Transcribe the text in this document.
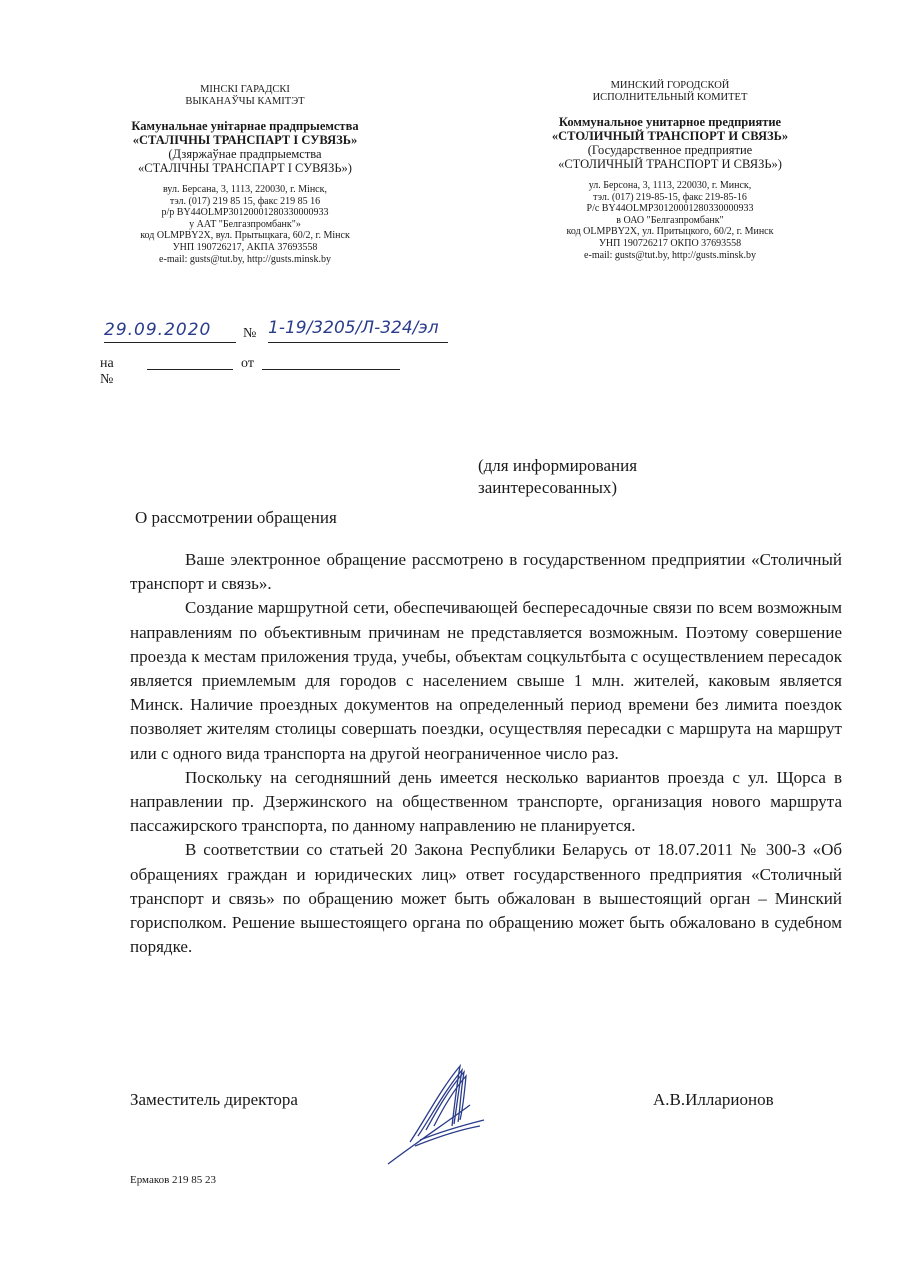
МІНСКІ ГАРАДСКІ
ВЫКАНАЎЧЫ КАМІТЭТ
Камунальнае унітарнае прадпрыемства
«СТАЛІЧНЫ ТРАНСПАРТ І СУВЯЗЬ»
(Дзяржаўнае прадпрыемства
«СТАЛІЧНЫ ТРАНСПАРТ І СУВЯЗЬ»)
вул. Берсана, 3, 1113, 220030, г. Мінск,
тэл. (017) 219 85 15, факс 219 85 16
р/р BY44OLMP30120001280330000933
у ААТ "Белгазпромбанк"»
код OLMPBY2X, вул. Прытыцкага, 60/2, г. Мінск
УНП 190726217, АКПА 37693558
e-mail: gusts@tut.by, http://gusts.minsk.by
МИНСКИЙ ГОРОДСКОЙ
ИСПОЛНИТЕЛЬНЫЙ КОМИТЕТ
Коммунальное унитарное предприятие
«СТОЛИЧНЫЙ ТРАНСПОРТ И СВЯЗЬ»
(Государственное предприятие
«СТОЛИЧНЫЙ ТРАНСПОРТ И СВЯЗЬ»)
ул. Берсона, 3, 1113, 220030, г. Минск,
тэл. (017) 219-85-15, факс 219-85-16
Р/с BY44OLMP30120001280330000933
в ОАО "Белгазпромбанк"
код OLMPBY2X, ул. Притыцкого, 60/2, г. Минск
УНП 190726217 ОКПО 37693558
e-mail: gusts@tut.by, http://gusts.minsk.by
29.09.2020	№ 1-19/3205/Л-324/эл
на №
от
(для информирования
заинтересованных)
О рассмотрении обращения

Ваше электронное обращение рассмотрено в государственном предприятии «Столичный транспорт и связь».

Создание маршрутной сети, обеспечивающей беспересадочные связи по всем возможным направлениям по объективным причинам не представляется возможным. Поэтому совершение проезда к местам приложения труда, учебы, объектам соцкультбыта с осуществлением пересадок является приемлемым для городов с населением свыше 1 млн. жителей, каковым является Минск. Наличие проездных документов на определенный период времени без лимита поездок позволяет жителям столицы совершать поездки, осуществляя пересадки с маршрута на маршрут или с одного вида транспорта на другой неограниченное число раз.

Поскольку на сегодняшний день имеется несколько вариантов проезда с ул. Щорса в направлении пр. Дзержинского на общественном транспорте, организация нового маршрута пассажирского транспорта, по данному направлению не планируется.

В соответствии со статьей 20 Закона Республики Беларусь от 18.07.2011 № 300-З «Об обращениях граждан и юридических лиц» ответ государственного предприятия «Столичный транспорт и связь» по обращению может быть обжалован в вышестоящий орган – Минский горисполком. Решение вышестоящего органа по обращению может быть обжаловано в судебном порядке.

Заместитель директора	А.В.Илларионов
Ермаков 219 85 23
